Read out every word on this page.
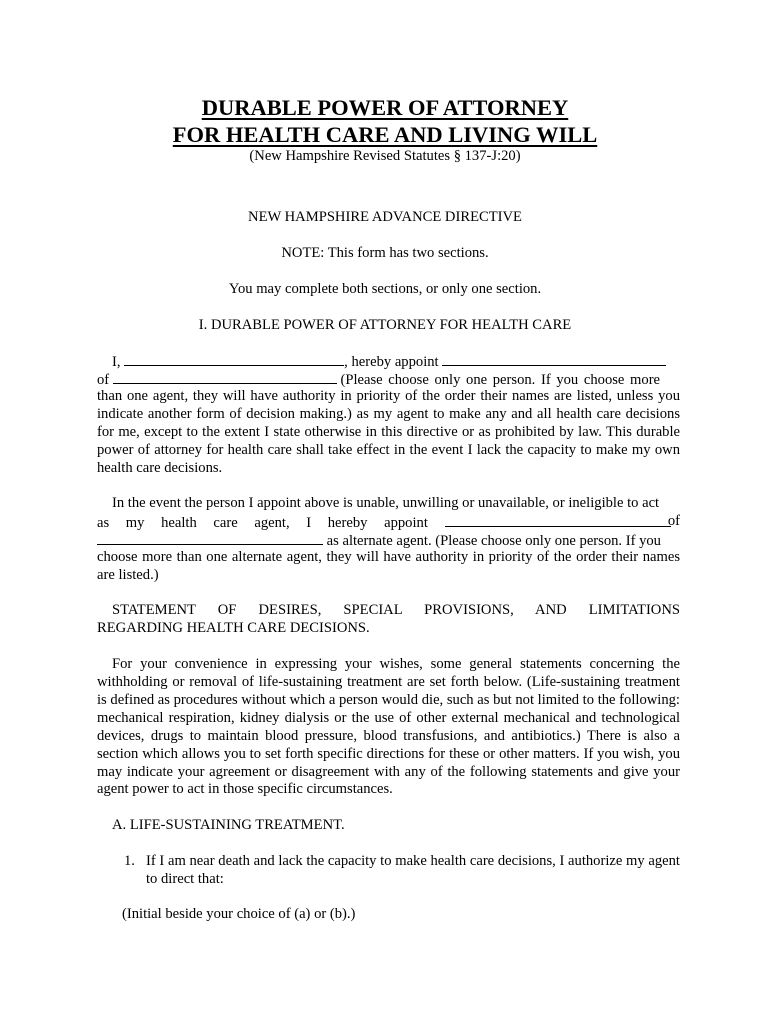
DURABLE POWER OF ATTORNEY
FOR HEALTH CARE AND LIVING WILL
(New Hampshire Revised Statutes § 137-J:20)
NEW HAMPSHIRE ADVANCE DIRECTIVE
NOTE: This form has two sections.
You may complete both sections, or only one section.
I. DURABLE POWER OF ATTORNEY FOR HEALTH CARE
I,	, hereby appoint
of	(Please choose only one person. If you choose more
than one agent, they will have authority in priority of the order their names are listed, unless you indicate another form of decision making.) as my agent to make any and all health care decisions for me, except to the extent I state otherwise in this directive or as prohibited by law. This durable power of attorney for health care shall take effect in the event I lack the capacity to make my own health care decisions.
In the event the person I appoint above is unable, unwilling or unavailable, or ineligible to act
as my health care agent, I hereby appoint	of
as alternate agent. (Please choose only one person. If you
choose more than one alternate agent, they will have authority in priority of the order their names are listed.)
STATEMENT OF DESIRES, SPECIAL PROVISIONS, AND LIMITATIONS
REGARDING HEALTH CARE DECISIONS.
For your convenience in expressing your wishes, some general statements concerning the
withholding or removal of life-sustaining treatment are set forth below. (Life-sustaining treatment is defined as procedures without which a person would die, such as but not limited to the following: mechanical respiration, kidney dialysis or the use of other external mechanical and technological devices, drugs to maintain blood pressure, blood transfusions, and antibiotics.) There is also a section which allows you to set forth specific directions for these or other matters. If you wish, you may indicate your agreement or disagreement with any of the following statements and give your agent power to act in those specific circumstances.
A. LIFE-SUSTAINING TREATMENT.
1. If I am near death and lack the capacity to make health care decisions, I authorize my agent to direct that:
(Initial beside your choice of (a) or (b).)
